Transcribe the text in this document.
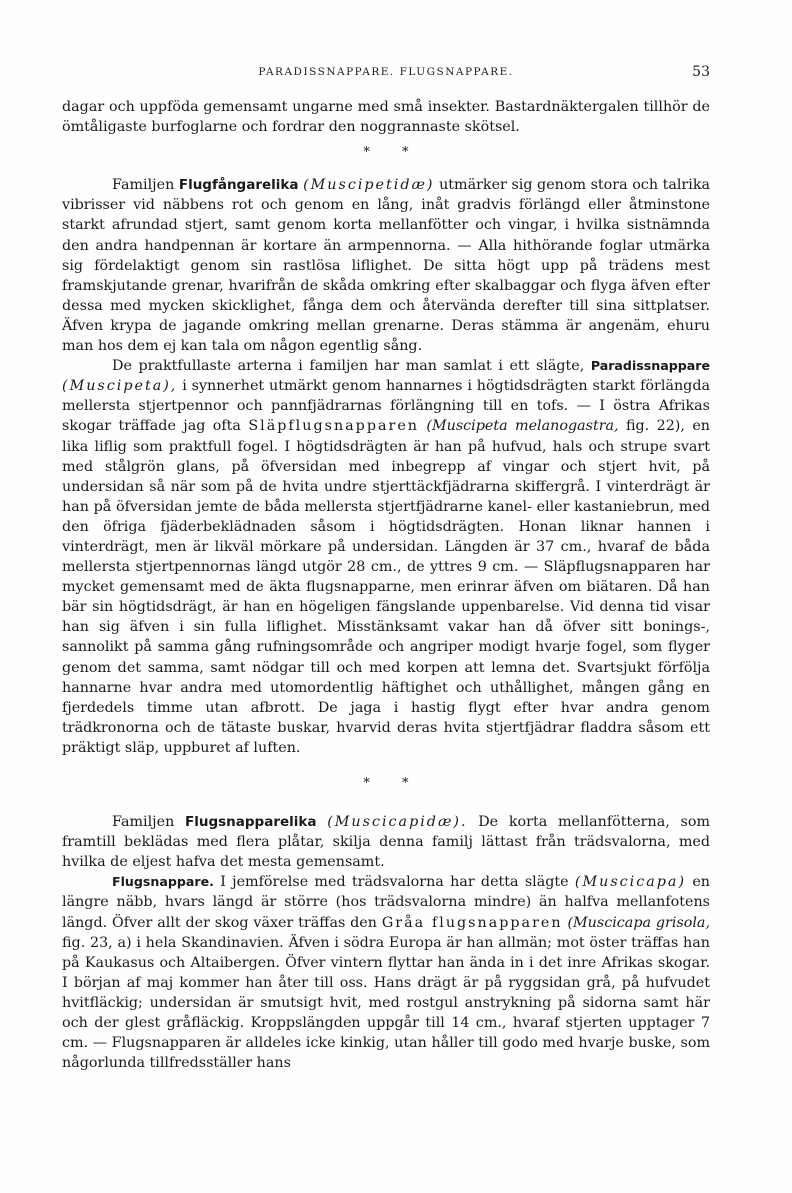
PARADISSNAPPARE. FLUGSNAPPARE.	53

dagar och uppföda gemensamt ungarne med små insekter. Bastardnäktergalen tillhör de ömtåligaste burfoglarne och fordrar den noggrannaste skötsel.

* *

Familjen Flugfångarelika (Muscipetidæ) utmärker sig genom stora och talrika vibrisser vid näbbens rot och genom en lång, inåt gradvis förlängd eller åtminstone starkt afrundad stjert, samt genom korta mellanfötter och vingar, i hvilka sistnämnda den andra handpennan är kortare än armpennorna. — Alla hithörande foglar utmärka sig fördelaktigt genom sin rastlösa liflighet. De sitta högt upp på trädens mest framskjutande grenar, hvarifrån de skåda omkring efter skalbaggar och flyga äfven efter dessa med mycken skicklighet, fånga dem och återvända derefter till sina sittplatser. Äfven krypa de jagande omkring mellan grenarne. Deras stämma är angenäm, ehuru man hos dem ej kan tala om någon egentlig sång.

De praktfullaste arterna i familjen har man samlat i ett slägte, Paradissnappare (Muscipeta), i synnerhet utmärkt genom hannarnes i högtidsdrägten starkt förlängda mellersta stjertpennor och pannfjädrarnas förlängning till en tofs. — I östra Afrikas skogar träffade jag ofta Släpflugsnapparen (Muscipeta melanogastra, fig. 22), en lika liflig som praktfull fogel. I högtidsdrägten är han på hufvud, hals och strupe svart med stålgrön glans, på öfversidan med inbegrepp af vingar och stjert hvit, på undersidan så när som på de hvita undre stjerttäckfjädrarna skiffergrå. I vinterdrägt är han på öfversidan jemte de båda mellersta stjertfjädrarne kanel- eller kastaniebrun, med den öfriga fjäderbeklädnaden såsom i högtidsdrägten. Honan liknar hannen i vinterdrägt, men är likväl mörkare på undersidan. Längden är 37 cm., hvaraf de båda mellersta stjertpennornas längd utgör 28 cm., de yttres 9 cm. — Släpflugsnapparen har mycket gemensamt med de äkta flugsnapparne, men erinrar äfven om biätaren. Då han bär sin högtidsdrägt, är han en högeligen fängslande uppenbarelse. Vid denna tid visar han sig äfven i sin fulla liflighet. Misstänksamt vakar han då öfver sitt bonings-, sannolikt på samma gång rufningsområde och angriper modigt hvarje fogel, som flyger genom det samma, samt nödgar till och med korpen att lemna det. Svartsjukt förfölja hannarne hvar andra med utomordentlig häftighet och uthållighet, mången gång en fjerdedels timme utan afbrott. De jaga i hastig flygt efter hvar andra genom trädkronorna och de tätaste buskar, hvarvid deras hvita stjertfjädrar fladdra såsom ett präktigt släp, uppburet af luften.

* *

Familjen Flugsnapparelika (Muscicapidæ). De korta mellanfötterna, som framtill beklädas med flera plåtar, skilja denna familj lättast från trädsvalorna, med hvilka de eljest hafva det mesta gemensamt.

Flugsnappare. I jemförelse med trädsvalorna har detta slägte (Muscicapa) en längre näbb, hvars längd är större (hos trädsvalorna mindre) än halfva mellanfotens längd. Öfver allt der skog växer träffas den Gråa flugsnapparen (Muscicapa grisola, fig. 23, a) i hela Skandinavien. Äfven i södra Europa är han allmän; mot öster träffas han på Kaukasus och Altaibergen. Öfver vintern flyttar han ända in i det inre Afrikas skogar. I början af maj kommer han åter till oss. Hans drägt är på ryggsidan grå, på hufvudet hvitfläckig; undersidan är smutsigt hvit, med rostgul anstrykning på sidorna samt här och der glest gråfläckig. Kroppslängden uppgår till 14 cm., hvaraf stjerten upptager 7 cm. — Flugsnapparen är alldeles icke kinkig, utan håller till godo med hvarje buske, som någorlunda tillfredsställer hans
